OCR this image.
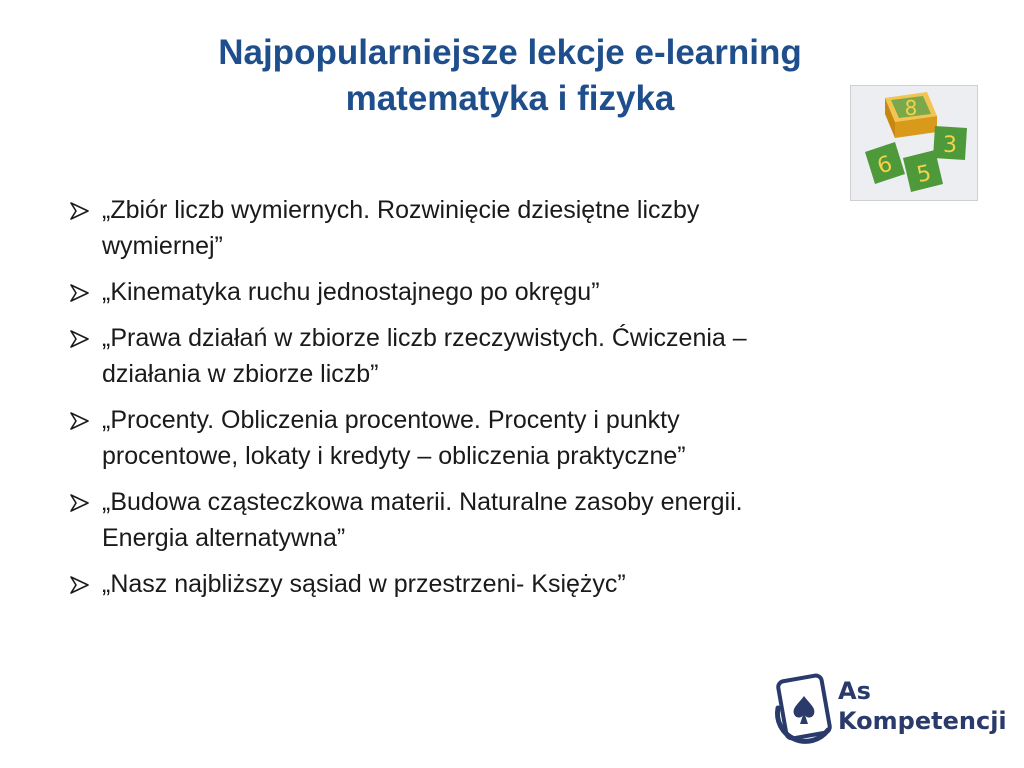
Najpopularniejsze lekcje e-learning
matematyka i fizyka	8
3
6 5
„Zbiór liczb wymiernych. Rozwinięcie dziesiętne liczby
wymiernej”
„Kinematyka ruchu jednostajnego po okręgu”
„Prawa działań w zbiorze liczb rzeczywistych. Ćwiczenia –
działania w zbiorze liczb”
„Procenty. Obliczenia procentowe. Procenty i punkty
procentowe, lokaty i kredyty – obliczenia praktyczne”
„Budowa cząsteczkowa materii. Naturalne zasoby energii.
Energia alternatywna”
„Nasz najbliższy sąsiad w przestrzeni- Księżyc”
As
Kompetencji
